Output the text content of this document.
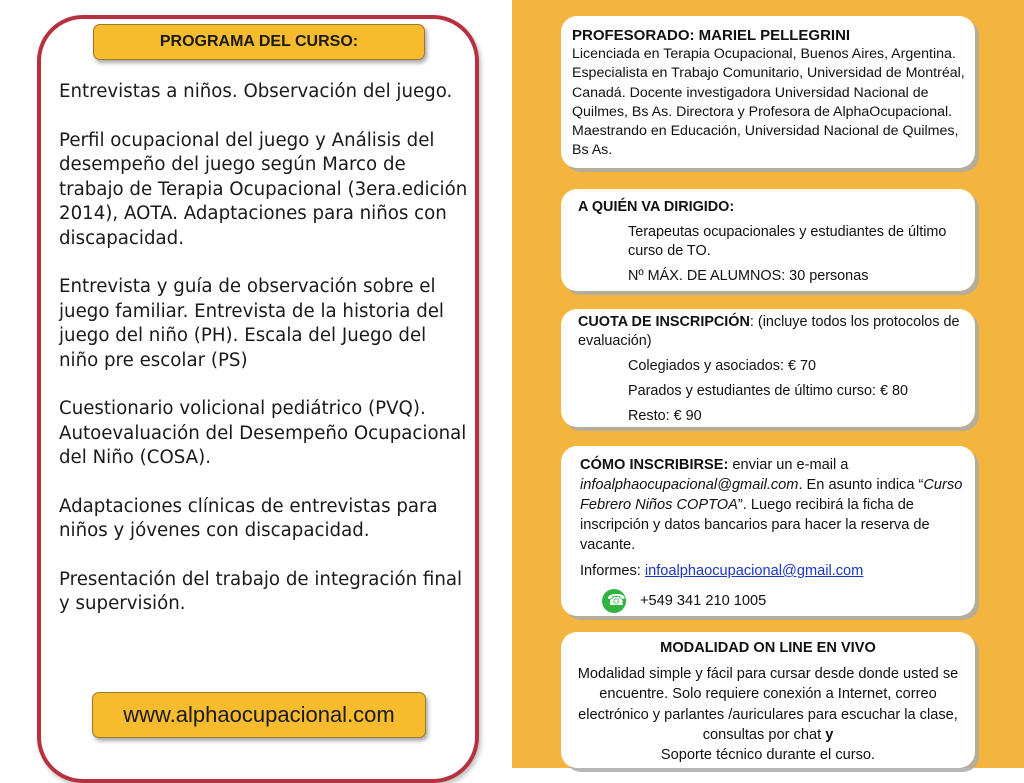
PROGRAMA DEL CURSO:

Entrevistas a niños. Observación del juego.

Perfil ocupacional del juego y Análisis del desempeño del juego según Marco de trabajo de Terapia Ocupacional (3era.edición 2014), AOTA. Adaptaciones para niños con discapacidad.

Entrevista y guía de observación sobre el juego familiar. Entrevista de la historia del juego del niño (PH). Escala del Juego del niño pre escolar (PS)

Cuestionario volicional pediátrico (PVQ). Autoevaluación del Desempeño Ocupacional del Niño (COSA).

Adaptaciones clínicas de entrevistas para niños y jóvenes con discapacidad.

Presentación del trabajo de integración final y supervisión.

www.alphaocupacional.com

PROFESORADO: MARIEL PELLEGRINI

Licenciada en Terapia Ocupacional, Buenos Aires, Argentina. Especialista en Trabajo Comunitario, Universidad de Montréal, Canadá. Docente investigadora Universidad Nacional de Quilmes, Bs As. Directora y Profesora de AlphaOcupacional. Maestrando en Educación, Universidad Nacional de Quilmes, Bs As.

A QUIÉN VA DIRIGIDO:

Terapeutas ocupacionales y estudiantes de último curso de TO.

Nº MÁX. DE ALUMNOS: 30 personas

CUOTA DE INSCRIPCIÓN: (incluye todos los protocolos de evaluación)

Colegiados y asociados: € 70

Parados y estudiantes de último curso: € 80

Resto: € 90

CÓMO INSCRIBIRSE: enviar un e-mail a infoalphaocupacional@gmail.com. En asunto indica “Curso Febrero Niños COPTOA”. Luego recibirá la ficha de inscripción y datos bancarios para hacer la reserva de vacante.

Informes: infoalphaocupacional@gmail.com

☎
+549 341 210 1005

MODALIDAD ON LINE EN VIVO

Modalidad simple y fácil para cursar desde donde usted se encuentre. Solo requiere conexión a Internet, correo electrónico y parlantes /auriculares para escuchar la clase, consultas por chat y
Soporte técnico durante el curso.
